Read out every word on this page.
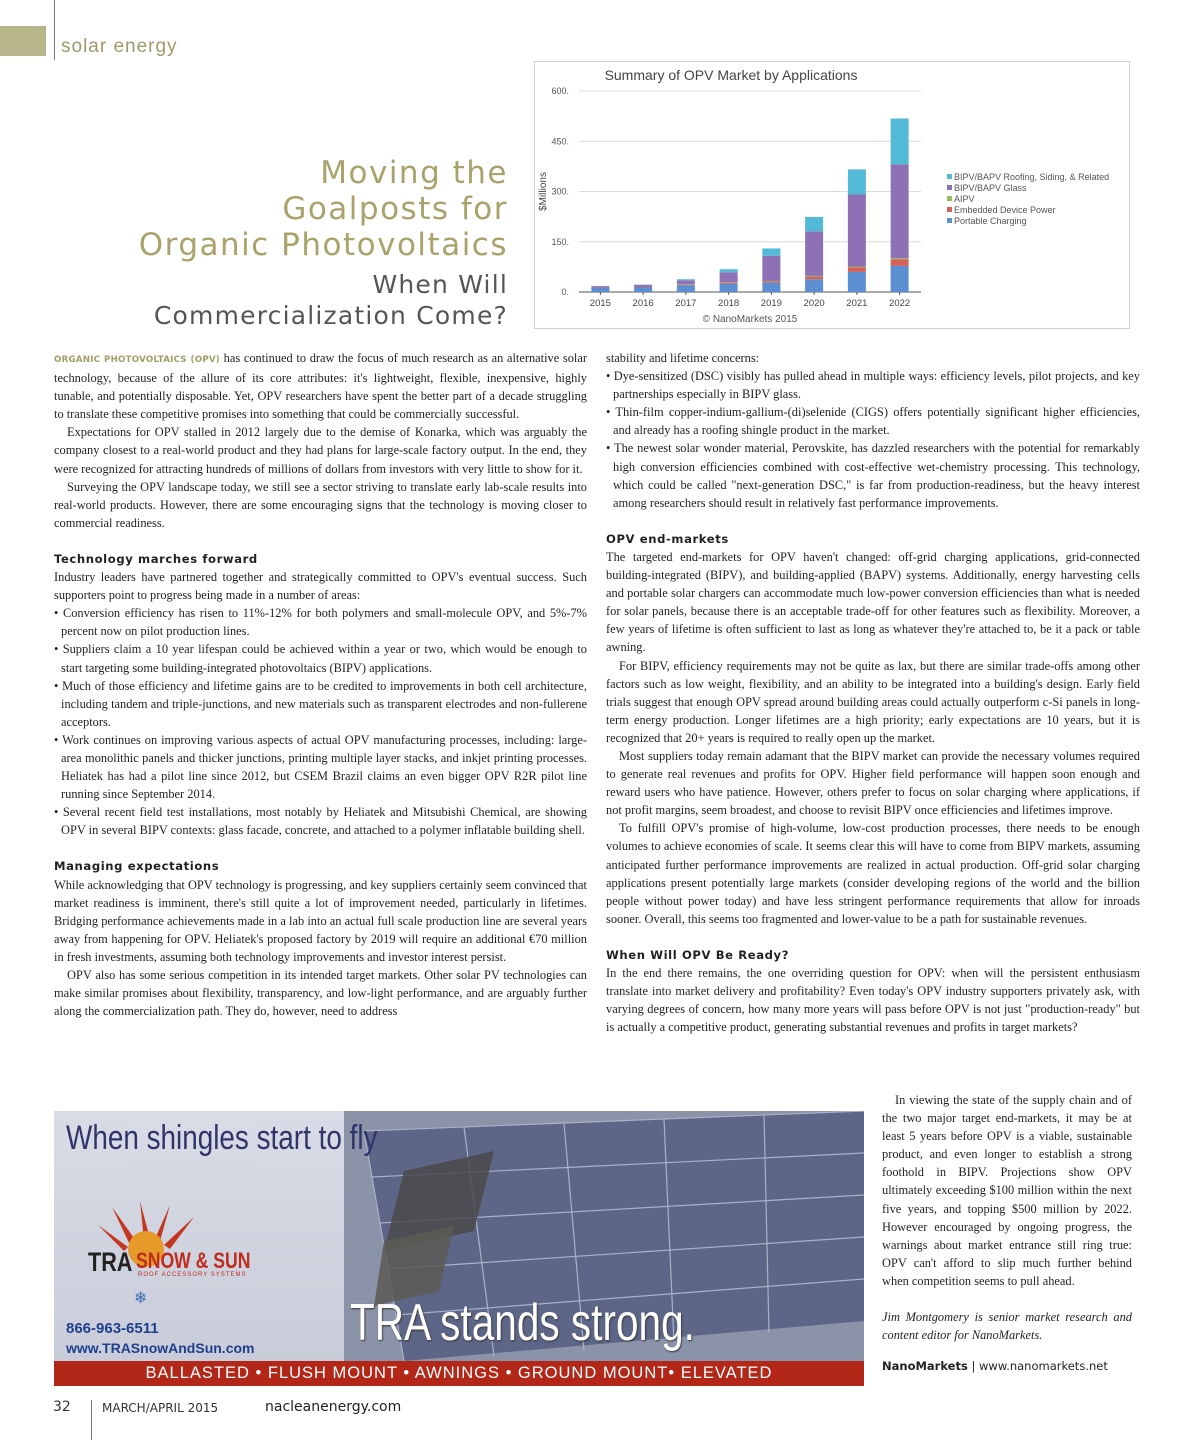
solar energy
Moving the
Goalposts for
Organic Photovoltaics
When Will
Commercialization Come?
Summary of OPV Market by Applications
0.
150.
300.
450.
600.
$Millions
2015 2016 2017 2018 2019 2020 2021 2022
© NanoMarkets 2015
BIPV/BAPV Roofing, Siding, & Related
BIPV/BAPV Glass
AIPV
Embedded Device Power
Portable Charging

ORGANIC PHOTOVOLTAICS (OPV) has continued to draw the focus of much research as an alternative solar technology, because of the allure of its core attributes: it's lightweight, flexible, inexpensive, highly tunable, and potentially disposable. Yet, OPV researchers have spent the better part of a decade struggling to translate these competitive promises into something that could be commercially successful.

Expectations for OPV stalled in 2012 largely due to the demise of Konarka, which was arguably the company closest to a real-world product and they had plans for large-scale factory output. In the end, they were recognized for attracting hundreds of millions of dollars from investors with very little to show for it.

Surveying the OPV landscape today, we still see a sector striving to translate early lab-scale results into real-world products. However, there are some encouraging signs that the technology is moving closer to commercial readiness.

Technology marches forward

Industry leaders have partnered together and strategically committed to OPV's eventual success. Such supporters point to progress being made in a number of areas:

• Conversion efficiency has risen to 11%-12% for both polymers and small-molecule OPV, and 5%-7% percent now on pilot production lines.
• Suppliers claim a 10 year lifespan could be achieved within a year or two, which would be enough to start targeting some building-integrated photovoltaics (BIPV) applications.
• Much of those efficiency and lifetime gains are to be credited to improvements in both cell architecture, including tandem and triple-junctions, and new materials such as transparent electrodes and non-fullerene acceptors.
• Work continues on improving various aspects of actual OPV manufacturing processes, including: large-area monolithic panels and thicker junctions, printing multiple layer stacks, and inkjet printing processes. Heliatek has had a pilot line since 2012, but CSEM Brazil claims an even bigger OPV R2R pilot line running since September 2014.
• Several recent field test installations, most notably by Heliatek and Mitsubishi Chemical, are showing OPV in several BIPV contexts: glass facade, concrete, and attached to a polymer inflatable building shell.
Managing expectations

While acknowledging that OPV technology is progressing, and key suppliers certainly seem convinced that market readiness is imminent, there's still quite a lot of improvement needed, particularly in lifetimes. Bridging performance achievements made in a lab into an actual full scale production line are several years away from happening for OPV. Heliatek's proposed factory by 2019 will require an additional €70 million in fresh investments, assuming both technology improvements and investor interest persist.

OPV also has some serious competition in its intended target markets. Other solar PV technologies can make similar promises about flexibility, transparency, and low-light performance, and are arguably further along the commercialization path. They do, however, need to address

stability and lifetime concerns:

• Dye-sensitized (DSC) visibly has pulled ahead in multiple ways: efficiency levels, pilot projects, and key partnerships especially in BIPV glass.
• Thin-film copper-indium-gallium-(di)selenide (CIGS) offers potentially significant higher efficiencies, and already has a roofing shingle product in the market.
• The newest solar wonder material, Perovskite, has dazzled researchers with the potential for remarkably high conversion efficiencies combined with cost-effective wet-chemistry processing. This technology, which could be called "next-generation DSC," is far from production-readiness, but the heavy interest among researchers should result in relatively fast performance improvements.
OPV end-markets

The targeted end-markets for OPV haven't changed: off-grid charging applications, grid-connected building-integrated (BIPV), and building-applied (BAPV) systems. Additionally, energy harvesting cells and portable solar chargers can accommodate much low-power conversion efficiencies than what is needed for solar panels, because there is an acceptable trade-off for other features such as flexibility. Moreover, a few years of lifetime is often sufficient to last as long as whatever they're attached to, be it a pack or table awning.

For BIPV, efficiency requirements may not be quite as lax, but there are similar trade-offs among other factors such as low weight, flexibility, and an ability to be integrated into a building's design. Early field trials suggest that enough OPV spread around building areas could actually outperform c-Si panels in long-term energy production. Longer lifetimes are a high priority; early expectations are 10 years, but it is recognized that 20+ years is required to really open up the market.

Most suppliers today remain adamant that the BIPV market can provide the necessary volumes required to generate real revenues and profits for OPV. Higher field performance will happen soon enough and reward users who have patience. However, others prefer to focus on solar charging where applications, if not profit margins, seem broadest, and choose to revisit BIPV once efficiencies and lifetimes improve.

To fulfill OPV's promise of high-volume, low-cost production processes, there needs to be enough volumes to achieve economies of scale. It seems clear this will have to come from BIPV markets, assuming anticipated further performance improvements are realized in actual production. Off-grid solar charging applications present potentially large markets (consider developing regions of the world and the billion people without power today) and have less stringent performance requirements that allow for inroads sooner. Overall, this seems too fragmented and lower-value to be a path for sustainable revenues.

When Will OPV Be Ready?

In the end there remains, the one overriding question for OPV: when will the persistent enthusiasm translate into market delivery and profitability? Even today's OPV industry supporters privately ask, with varying degrees of concern, how many more years will pass before OPV is not just "production-ready" but is actually a competitive product, generating substantial revenues and profits in target markets?

In viewing the state of the supply chain and of the two major target end-markets, it may be at least 5 years before OPV is a viable, sustainable product, and even longer to establish a strong foothold in BIPV. Projections show OPV ultimately exceeding $100 million within the next five years, and topping $500 million by 2022. However encouraged by ongoing progress, the warnings about market entrance still ring true: OPV can't afford to slip much further behind when competition seems to pull ahead.

Jim Montgomery is senior market research and content editor for NanoMarkets.

NanoMarkets | www.nanomarkets.net
When shingles start to fly
❄
TRA SNOW & SUN
ROOF ACCESSORY SYSTEMS
866-963-6511
www.TRASnowAndSun.com TRA stands strong.
BALLASTED • FLUSH MOUNT • AWNINGS • GROUND MOUNT• ELEVATED
32	MARCH/APRIL 2015	nacleanenergy.com
